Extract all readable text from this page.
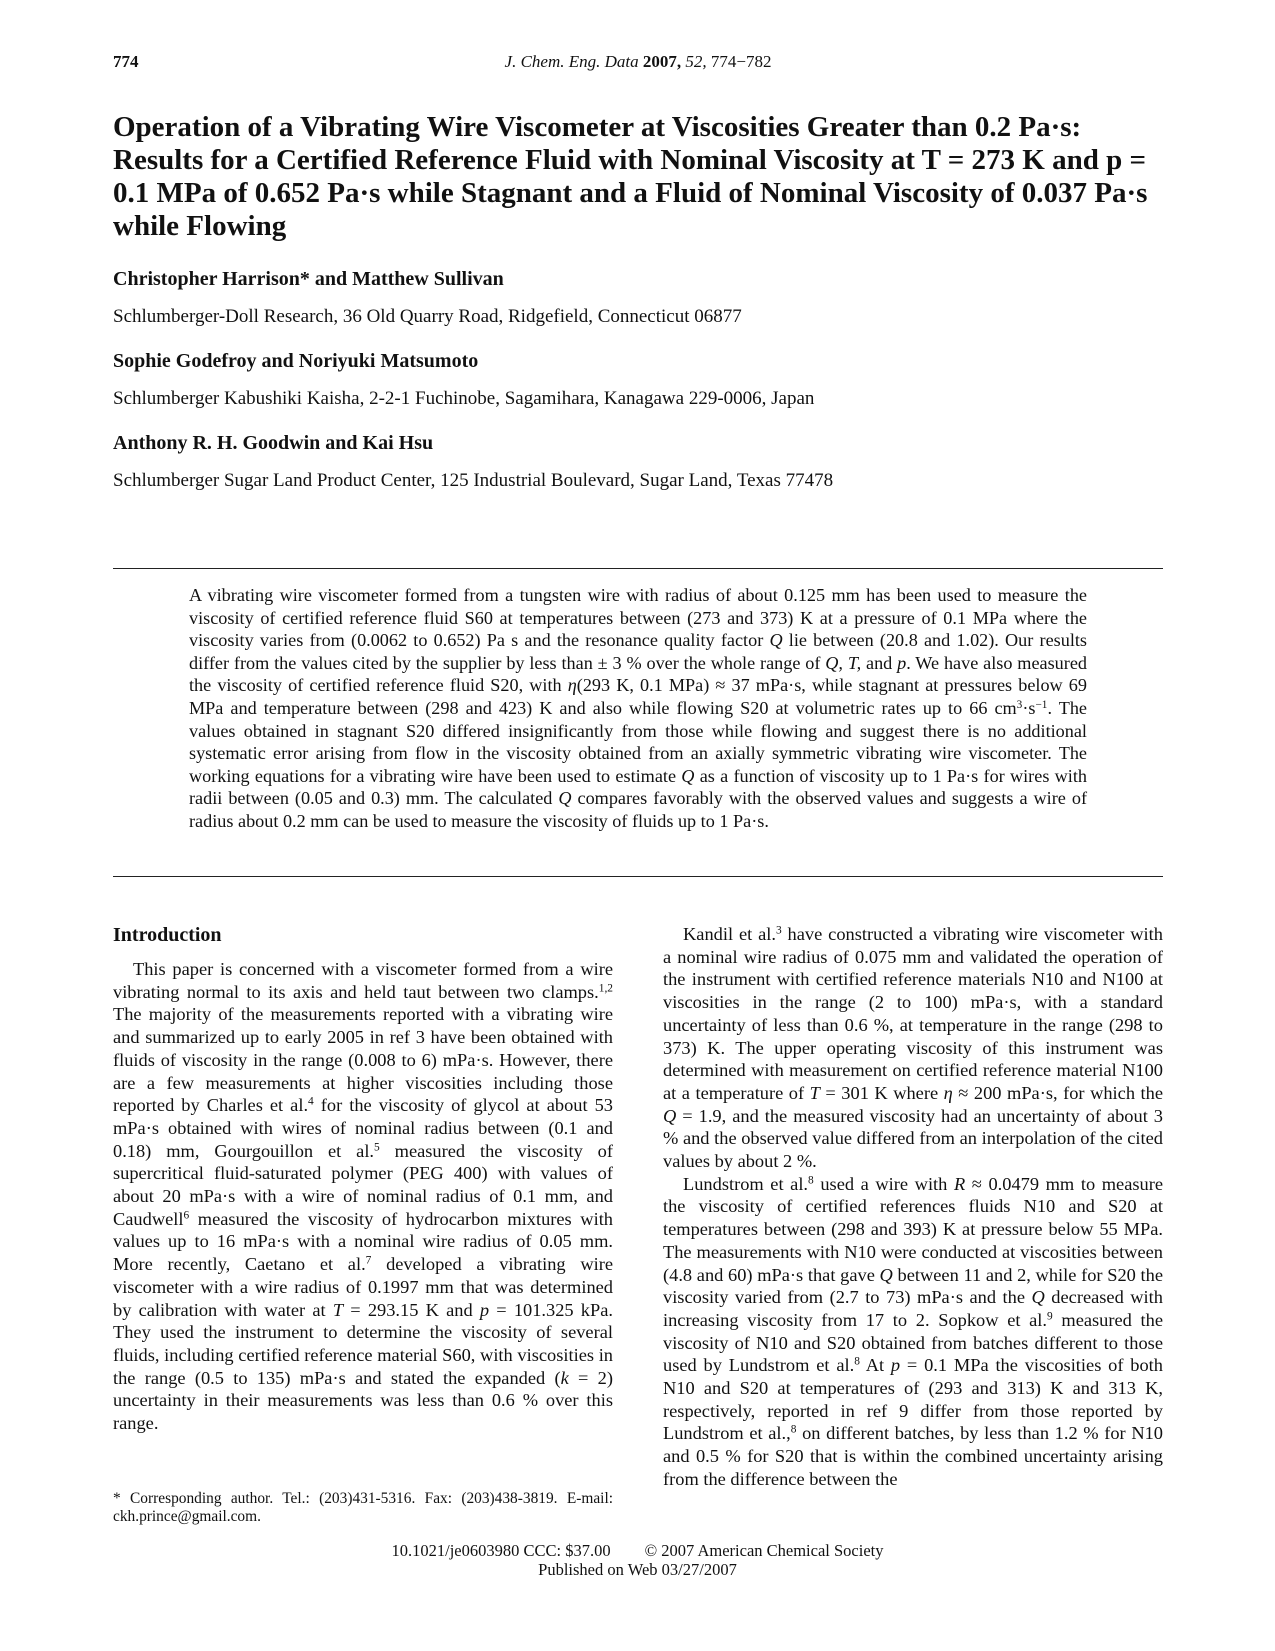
774	J. Chem. Eng. Data 2007, 52, 774−782
Operation of a Vibrating Wire Viscometer at Viscosities Greater than 0.2 Pa·s: Results for a Certified Reference Fluid with Nominal Viscosity at T = 273 K and p = 0.1 MPa of 0.652 Pa·s while Stagnant and a Fluid of Nominal Viscosity of 0.037 Pa·s while Flowing
Christopher Harrison* and Matthew Sullivan
Schlumberger-Doll Research, 36 Old Quarry Road, Ridgefield, Connecticut 06877
Sophie Godefroy and Noriyuki Matsumoto
Schlumberger Kabushiki Kaisha, 2-2-1 Fuchinobe, Sagamihara, Kanagawa 229-0006, Japan
Anthony R. H. Goodwin and Kai Hsu
Schlumberger Sugar Land Product Center, 125 Industrial Boulevard, Sugar Land, Texas 77478

A vibrating wire viscometer formed from a tungsten wire with radius of about 0.125 mm has been used to measure the viscosity of certified reference fluid S60 at temperatures between (273 and 373) K at a pressure of 0.1 MPa where the viscosity varies from (0.0062 to 0.652) Pa s and the resonance quality factor Q lie between (20.8 and 1.02). Our results differ from the values cited by the supplier by less than ± 3 % over the whole range of Q, T, and p. We have also measured the viscosity of certified reference fluid S20, with η(293 K, 0.1 MPa) ≈ 37 mPa·s, while stagnant at pressures below 69 MPa and temperature between (298 and 423) K and also while flowing S20 at volumetric rates up to 66 $cm^3\cdot s^{-1}$. The values obtained in stagnant S20 differed insignificantly from those while flowing and suggest there is no additional systematic error arising from flow in the viscosity obtained from an axially symmetric vibrating wire viscometer. The working equations for a vibrating wire have been used to estimate Q as a function of viscosity up to 1 Pa·s for wires with radii between (0.05 and 0.3) mm. The calculated Q compares favorably with the observed values and suggests a wire of radius about 0.2 mm can be used to measure the viscosity of fluids up to 1 Pa·s.

Introduction

This paper is concerned with a viscometer formed from a wire vibrating normal to its axis and held taut between two clamps.$^{1,2}$ The majority of the measurements reported with a vibrating wire and summarized up to early 2005 in ref 3 have been obtained with fluids of viscosity in the range (0.008 to 6) mPa·s. However, there are a few measurements at higher viscosities including those reported by Charles et al.$^4$ for the viscosity of glycol at about 53 mPa·s obtained with wires of nominal radius between (0.1 and 0.18) mm, Gourgouillon et al.$^5$ measured the viscosity of supercritical fluid-saturated polymer (PEG 400) with values of about 20 mPa·s with a wire of nominal radius of 0.1 mm, and Caudwell$^6$ measured the viscosity of hydrocarbon mixtures with values up to 16 mPa·s with a nominal wire radius of 0.05 mm. More recently, Caetano et al.$^7$ developed a vibrating wire viscometer with a wire radius of 0.1997 mm that was determined by calibration with water at T = 293.15 K and p = 101.325 kPa. They used the instrument to determine the viscosity of several fluids, including certified reference material S60, with viscosities in the range (0.5 to 135) mPa·s and stated the expanded (k = 2) uncertainty in their measurements was less than 0.6 % over this range.

Kandil et al.$^3$ have constructed a vibrating wire viscometer with a nominal wire radius of 0.075 mm and validated the operation of the instrument with certified reference materials N10 and N100 at viscosities in the range (2 to 100) mPa·s, with a standard uncertainty of less than 0.6 %, at temperature in the range (298 to 373) K. The upper operating viscosity of this instrument was determined with measurement on certified reference material N100 at a temperature of T = 301 K where η ≈ 200 mPa·s, for which the Q = 1.9, and the measured viscosity had an uncertainty of about 3 % and the observed value differed from an interpolation of the cited values by about 2 %.

Lundstrom et al.$^8$ used a wire with R ≈ 0.0479 mm to measure the viscosity of certified references fluids N10 and S20 at temperatures between (298 and 393) K at pressure below 55 MPa. The measurements with N10 were conducted at viscosities between (4.8 and 60) mPa·s that gave Q between 11 and 2, while for S20 the viscosity varied from (2.7 to 73) mPa·s and the Q decreased with increasing viscosity from 17 to 2. Sopkow et al.$^9$ measured the viscosity of N10 and S20 obtained from batches different to those used by Lundstrom et al.$^8$ At p = 0.1 MPa the viscosities of both N10 and S20 at temperatures of (293 and 313) K and 313 K, respectively, reported in ref 9 differ from those reported by Lundstrom et al.,$^8$ on different batches, by less than 1.2 % for N10 and 0.5 % for S20 that is within the combined uncertainty arising from the difference between the

* Corresponding author. Tel.: (203)431-5316. Fax: (203)438-3819. E-mail: ckh.prince@gmail.com.
10.1021/je0603980 CCC: $37.00 © 2007 American Chemical Society
Published on Web 03/27/2007
